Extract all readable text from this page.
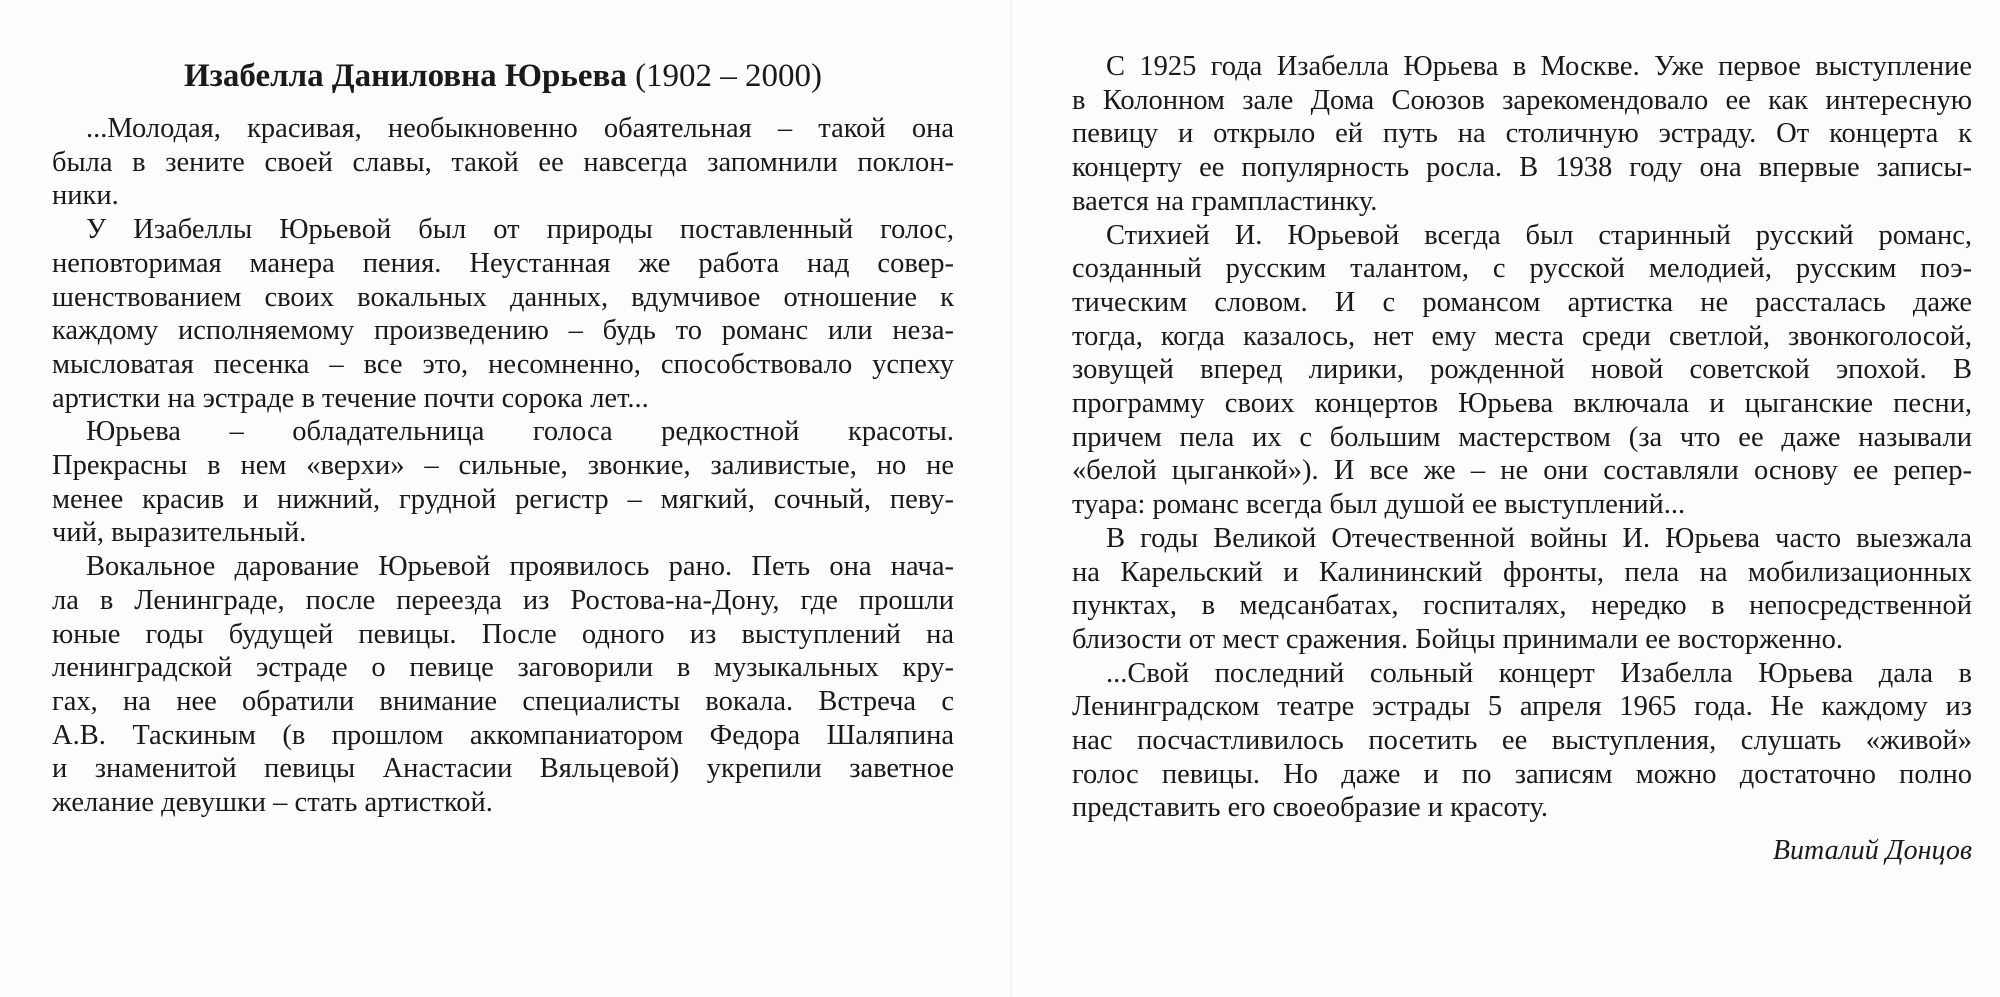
Изабелла Даниловна Юрьева (1902 – 2000)
...Молодая, красивая, необыкновенно обаятельная – такой она
была в зените своей славы, такой ее навсегда запомнили поклон-
ники.
У Изабеллы Юрьевой был от природы поставленный голос,
неповторимая манера пения. Неустанная же работа над совер-
шенствованием своих вокальных данных, вдумчивое отношение к
каждому исполняемому произведению – будь то романс или неза-
мысловатая песенка – все это, несомненно, способствовало успеху
артистки на эстраде в течение почти сорока лет...
Юрьева – обладательница голоса редкостной красоты.
Прекрасны в нем «верхи» – сильные, звонкие, заливистые, но не
менее красив и нижний, грудной регистр – мягкий, сочный, певу-
чий, выразительный.
Вокальное дарование Юрьевой проявилось рано. Петь она нача-
ла в Ленинграде, после переезда из Ростова-на-Дону, где прошли
юные годы будущей певицы. После одного из выступлений на
ленинградской эстраде о певице заговорили в музыкальных кру-
гах, на нее обратили внимание специалисты вокала. Встреча с
А.В. Таскиным (в прошлом аккомпаниатором Федора Шаляпина
и знаменитой певицы Анастасии Вяльцевой) укрепили заветное
желание девушки – стать артисткой.
С 1925 года Изабелла Юрьева в Москве. Уже первое выступление
в Колонном зале Дома Союзов зарекомендовало ее как интересную
певицу и открыло ей путь на столичную эстраду. От концерта к
концерту ее популярность росла. В 1938 году она впервые записы-
вается на грампластинку.
Стихией И. Юрьевой всегда был старинный русский романс,
созданный русским талантом, с русской мелодией, русским поэ-
тическим словом. И с романсом артистка не рассталась даже
тогда, когда казалось, нет ему места среди светлой, звонкоголосой,
зовущей вперед лирики, рожденной новой советской эпохой. В
программу своих концертов Юрьева включала и цыганские песни,
причем пела их с большим мастерством (за что ее даже называли
«белой цыганкой»). И все же – не они составляли основу ее репер-
туара: романс всегда был душой ее выступлений...
В годы Великой Отечественной войны И. Юрьева часто выезжала
на Карельский и Калининский фронты, пела на мобилизационных
пунктах, в медсанбатах, госпиталях, нередко в непосредственной
близости от мест сражения. Бойцы принимали ее восторженно.
...Свой последний сольный концерт Изабелла Юрьева дала в
Ленинградском театре эстрады 5 апреля 1965 года. Не каждому из
нас посчастливилось посетить ее выступления, слушать «живой»
голос певицы. Но даже и по записям можно достаточно полно
представить его своеобразие и красоту.
Виталий Донцов
